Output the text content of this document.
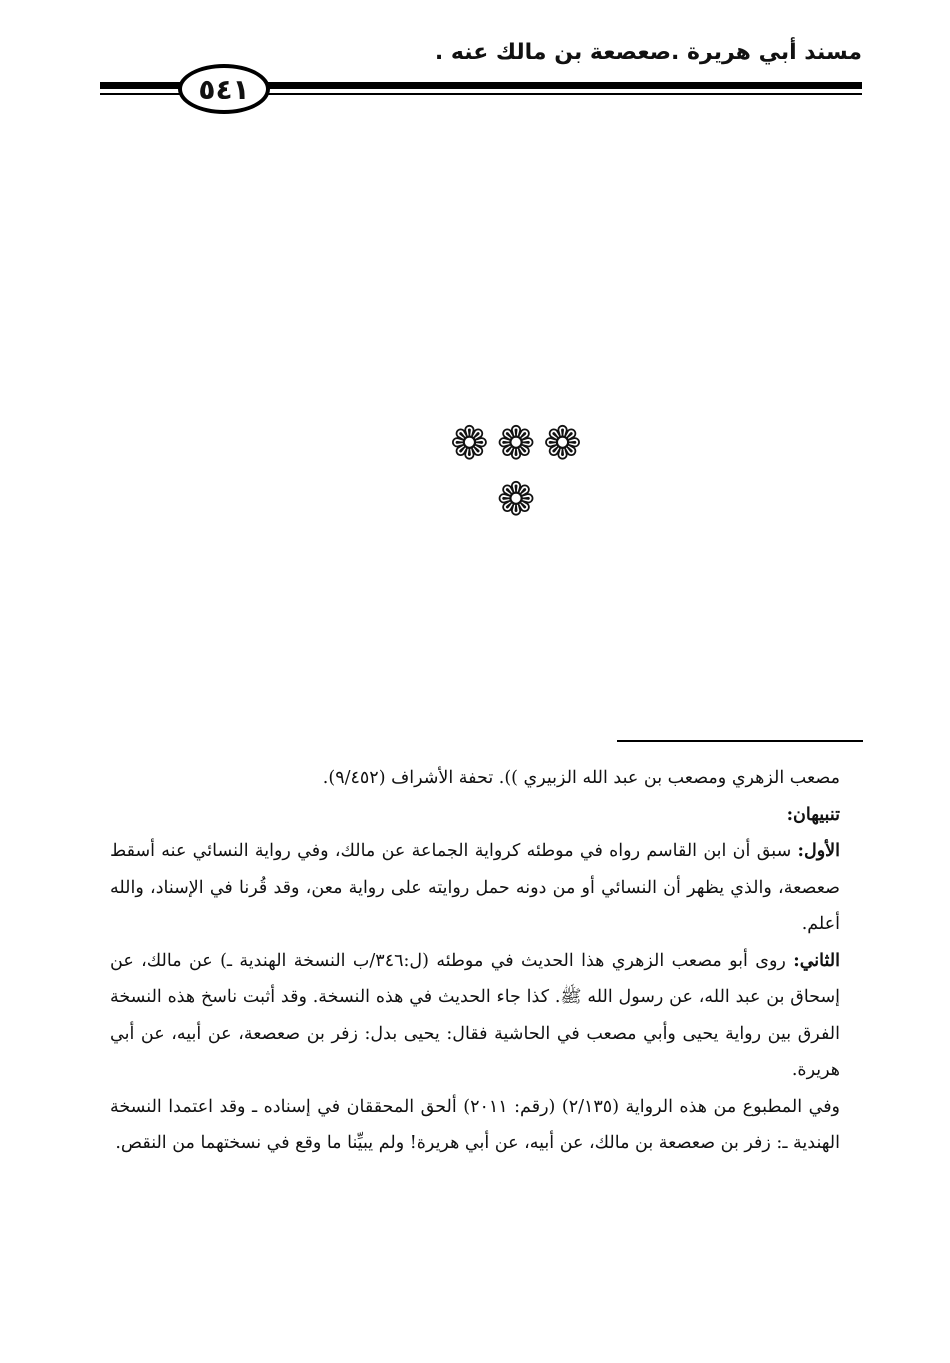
مسند أبي هريرة .صعصعة بن مالك عنه .
٥٤١
❁❁❁
❁

مصعب الزهري ومصعب بن عبد الله الزبيري )). تحفة الأشراف (٩/٤٥٢).

تنبيهان:

الأول: سبق أن ابن القاسم رواه في موطئه كرواية الجماعة عن مالك، وفي رواية النسائي عنه أسقط صعصعة، والذي يظهر أن النسائي أو من دونه حمل روايته على رواية معن، وقد قُرنا في الإسناد، والله أعلم.

الثاني: روى أبو مصعب الزهري هذا الحديث في موطئه (ل:٣٤٦/ب النسخة الهندية ـ) عن مالك، عن إسحاق بن عبد الله، عن رسول الله ﷺ. كذا جاء الحديث في هذه النسخة. وقد أثبت ناسخ هذه النسخة الفرق بين رواية يحيى وأبي مصعب في الحاشية فقال: يحيى بدل: زفر بن صعصعة، عن أبيه، عن أبي هريرة.

وفي المطبوع من هذه الرواية (٢/١٣٥) (رقم: ٢٠١١) ألحق المحققان في إسناده ـ وقد اعتمدا النسخة الهندية ـ: زفر بن صعصعة بن مالك، عن أبيه، عن أبي هريرة! ولم يبيِّنا ما وقع في نسختهما من النقص.
